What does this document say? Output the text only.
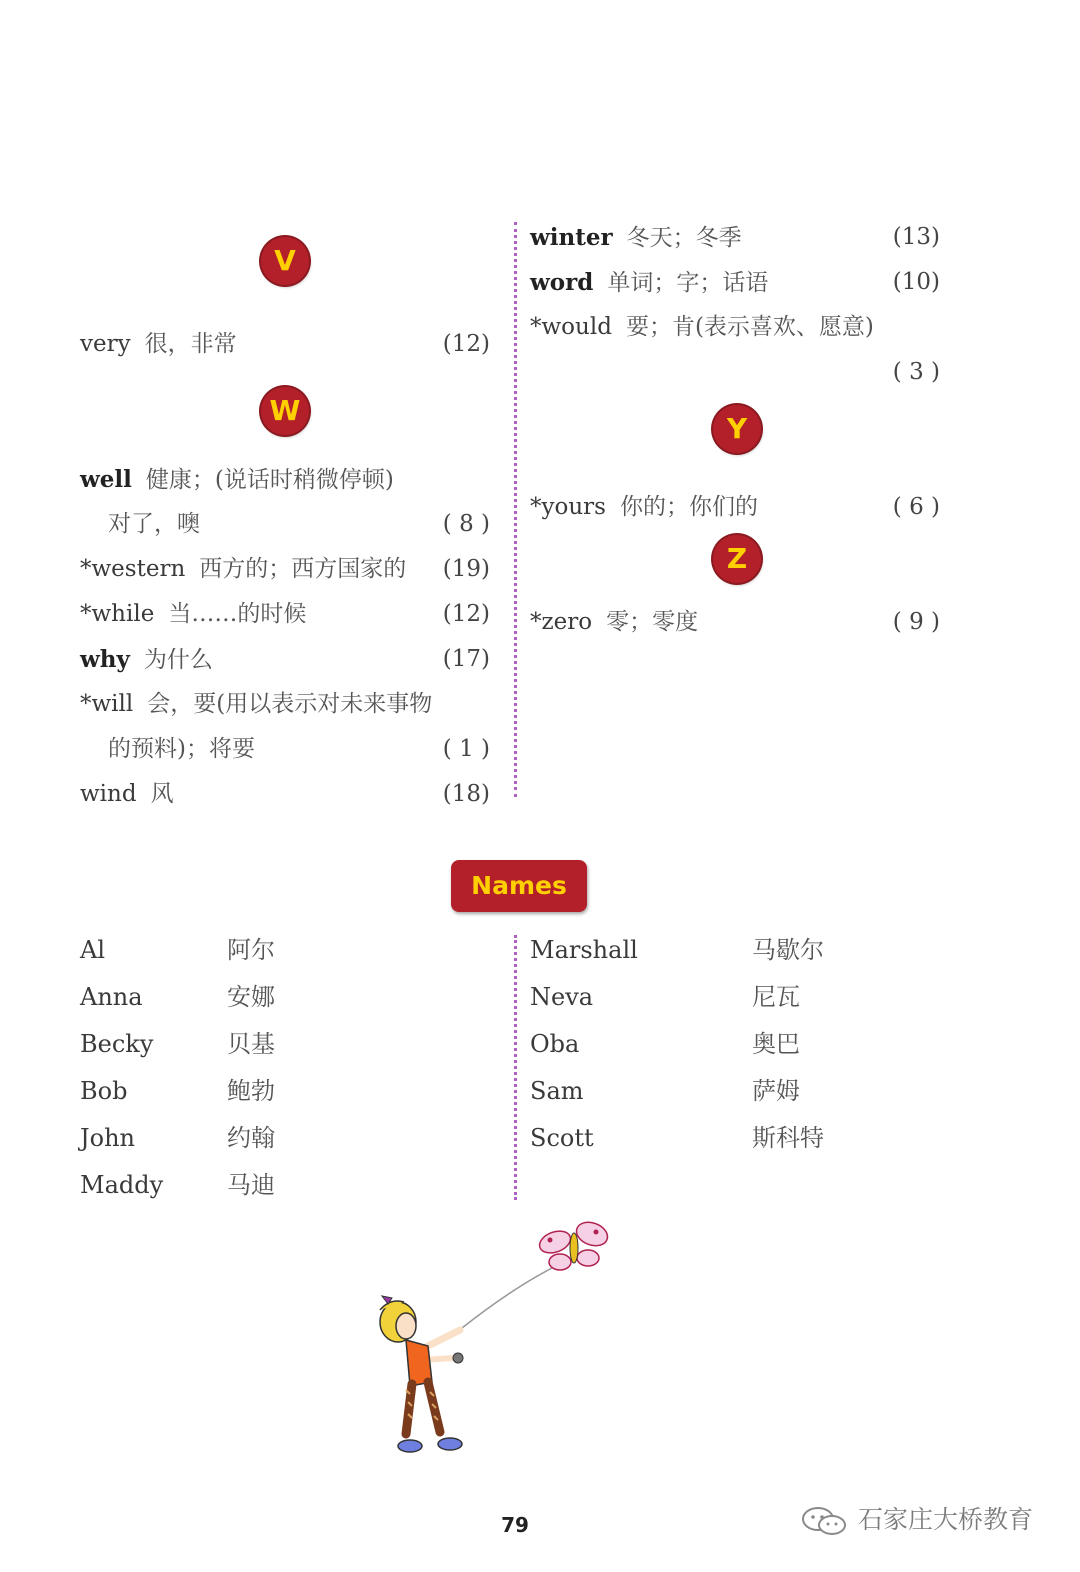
V
very 很，非常	(12)
W
well 健康；(说话时稍微停顿)
对了，噢	( 8 )
*western 西方的；西方国家的 (19)
*while 当……的时候	(12)
why 为什么	(17)
*will 会，要(用以表示对未来事物
的预料)；将要	( 1 )
wind 风	(18)
winter 冬天；冬季	(13)
word 单词；字；话语	(10)
*would 要；肯(表示喜欢、愿意)
( 3 )
Y
*yours 你的；你们的	( 6 )
Z
*zero 零；零度	( 9 )
Names
Al	阿尔
Anna	安娜
Becky	贝基
Bob	鲍勃
John	约翰
Maddy	马迪
Marshall	马歇尔
Neva	尼瓦
Oba	奥巴
Sam	萨姆
Scott	斯科特
79	石家庄大桥教育
